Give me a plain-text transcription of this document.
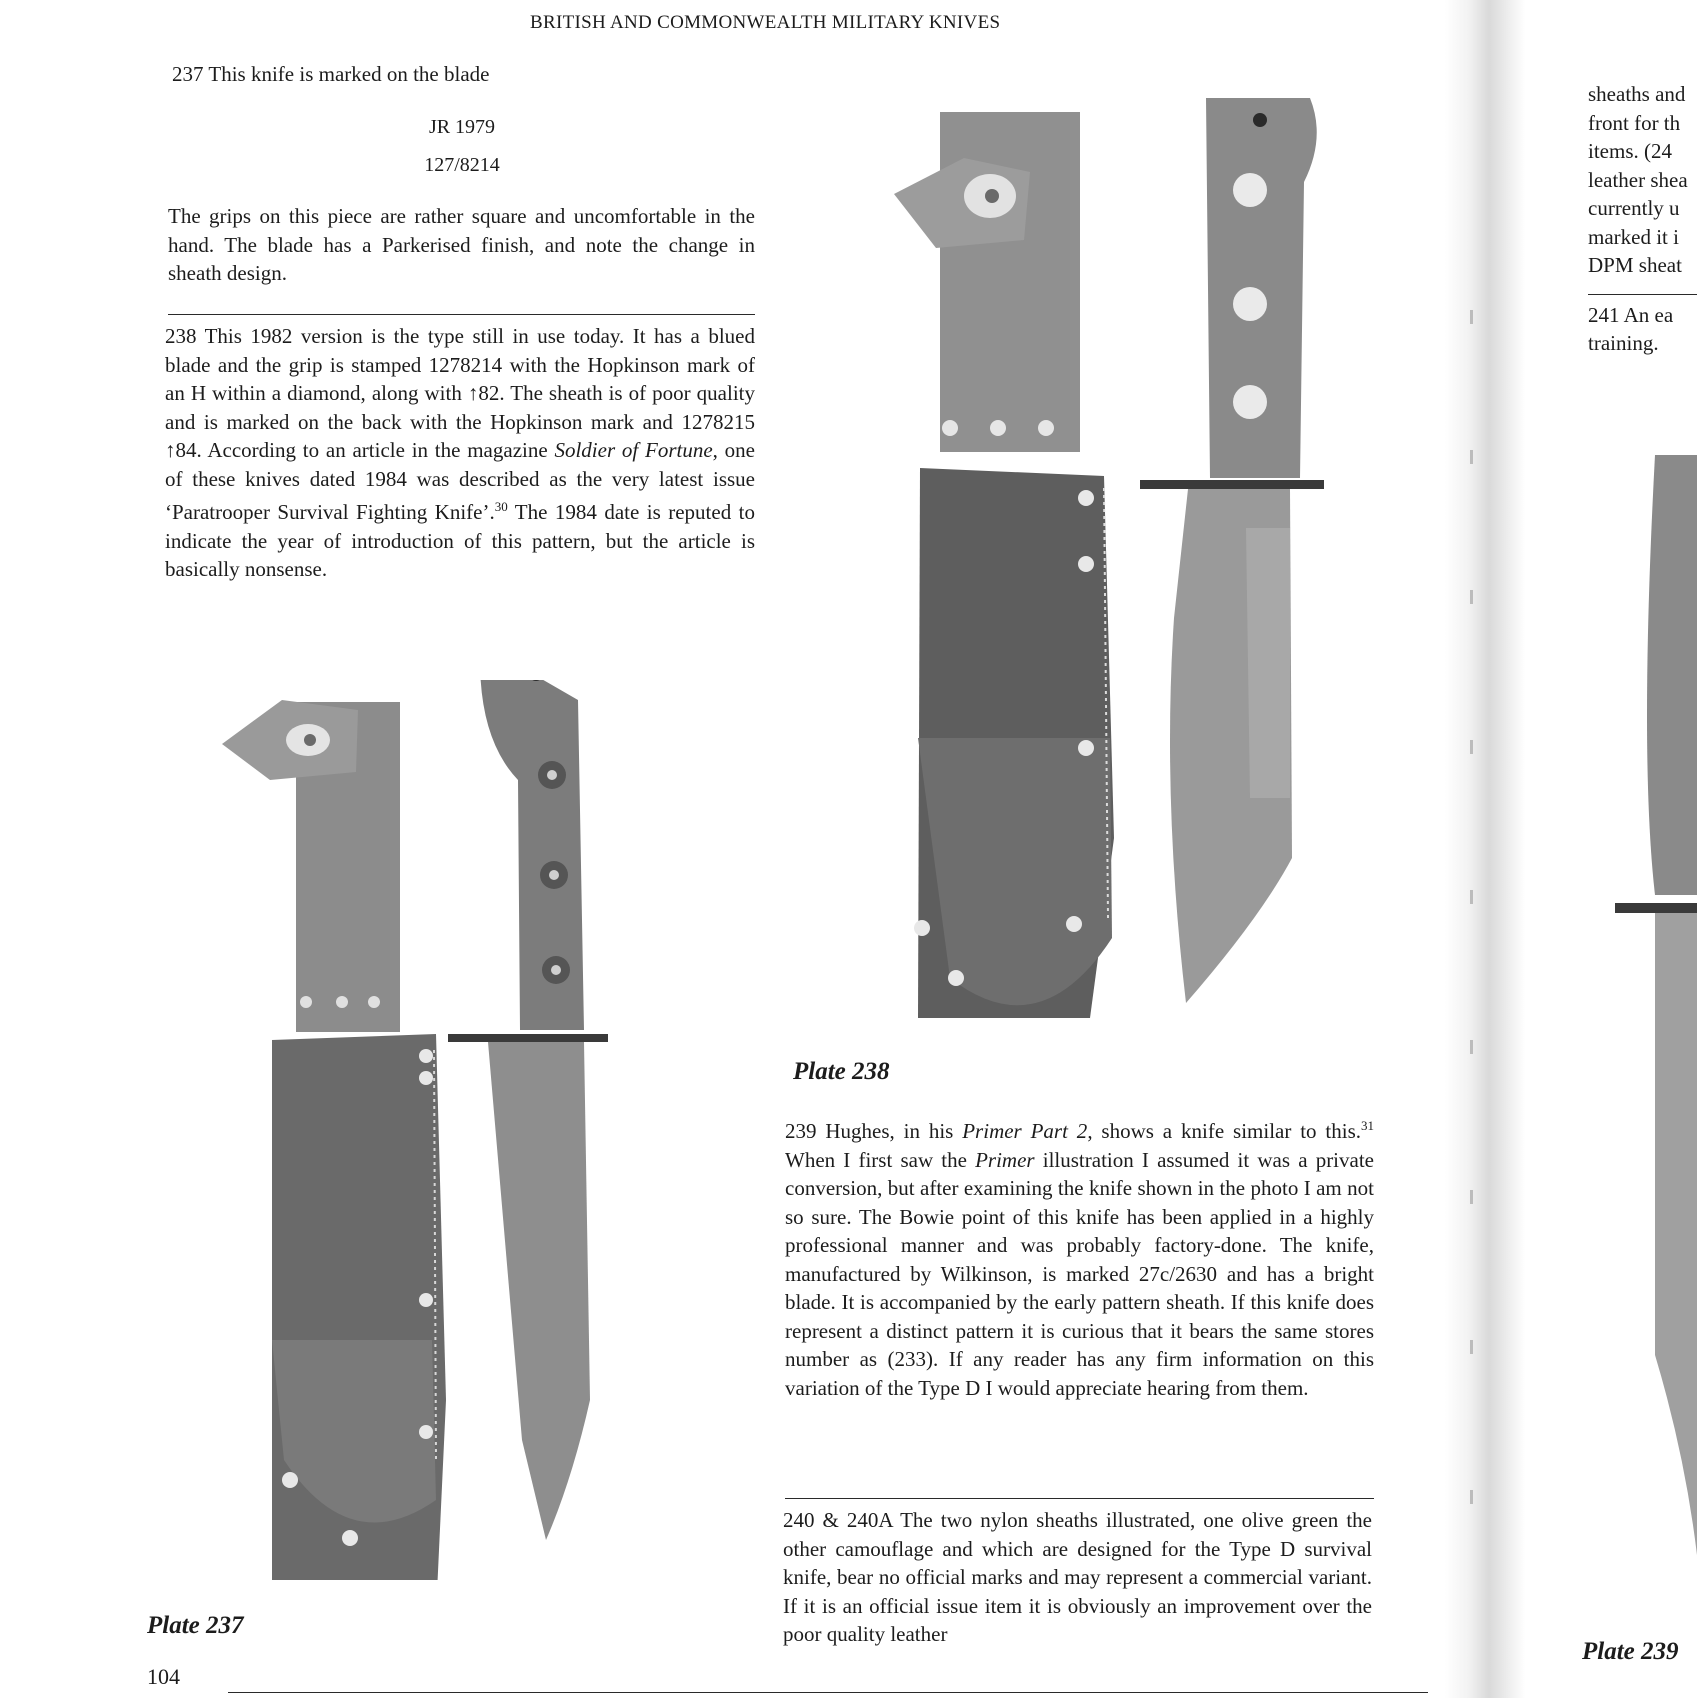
BRITISH AND COMMONWEALTH MILITARY KNIVES
237 This knife is marked on the blade
JR 1979
127/8214
The grips on this piece are rather square and uncomfortable in the hand. The blade has a Parkerised finish, and note the change in sheath design.
238 This 1982 version is the type still in use today. It has a blued blade and the grip is stamped 1278214 with the Hopkinson mark of an H within a diamond, along with ↑82. The sheath is of poor quality and is marked on the back with the Hopkinson mark and 1278215 ↑84. According to an article in the magazine Soldier of Fortune, one of these knives dated 1984 was described as the very latest issue ‘Paratrooper Survival Fighting Knife’.$^{30}$ The 1984 date is reputed to indicate the year of introduction of this pattern, but the article is basically nonsense.
Plate 237
Plate 238
239 Hughes, in his Primer Part 2, shows a knife similar to this.$^{31}$ When I first saw the Primer illustration I assumed it was a private conversion, but after examining the knife shown in the photo I am not so sure. The Bowie point of this knife has been applied in a highly professional manner and was probably factory-done. The knife, manufactured by Wilkinson, is marked 27c/2630 and has a bright blade. It is accompanied by the early pattern sheath. If this knife does represent a distinct pattern it is curious that it bears the same stores number as (233). If any reader has any firm information on this variation of the Type D I would appreciate hearing from them.
240 & 240A The two nylon sheaths illustrated, one olive green the other camouflage and which are designed for the Type D survival knife, bear no official marks and may represent a commercial variant. If it is an official issue item it is obviously an improvement over the poor quality leather
104
sheaths and
front for th
items. (24
leather shea
currently u
marked it i
DPM sheat
241 An ea
training.
Plate 239
